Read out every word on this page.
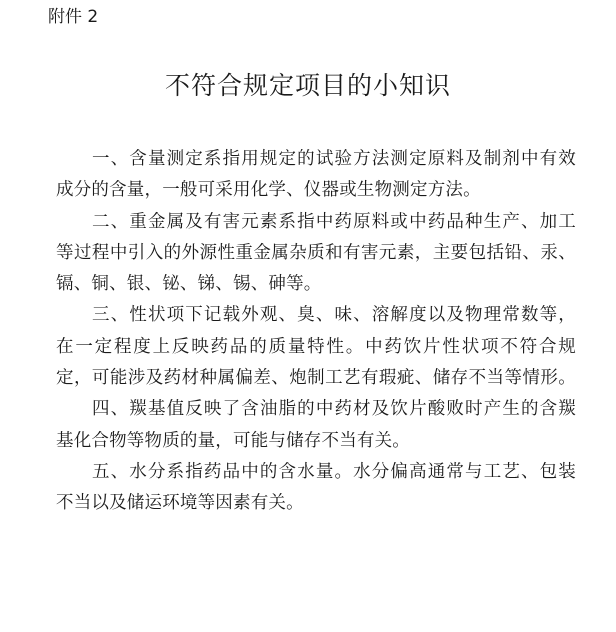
附件 2
不符合规定项目的小知识
一、含量测定系指用规定的试验方法测定原料及制剂中有效
成分的含量，一般可采用化学、仪器或生物测定方法。
二、重金属及有害元素系指中药原料或中药品种生产、加工
等过程中引入的外源性重金属杂质和有害元素，主要包括铅、汞、
镉、铜、银、铋、锑、锡、砷等。
三、性状项下记载外观、臭、味、溶解度以及物理常数等，
在一定程度上反映药品的质量特性。中药饮片性状项不符合规
定，可能涉及药材种属偏差、炮制工艺有瑕疵、储存不当等情形。
四、羰基值反映了含油脂的中药材及饮片酸败时产生的含羰
基化合物等物质的量，可能与储存不当有关。
五、水分系指药品中的含水量。水分偏高通常与工艺、包装
不当以及储运环境等因素有关。
